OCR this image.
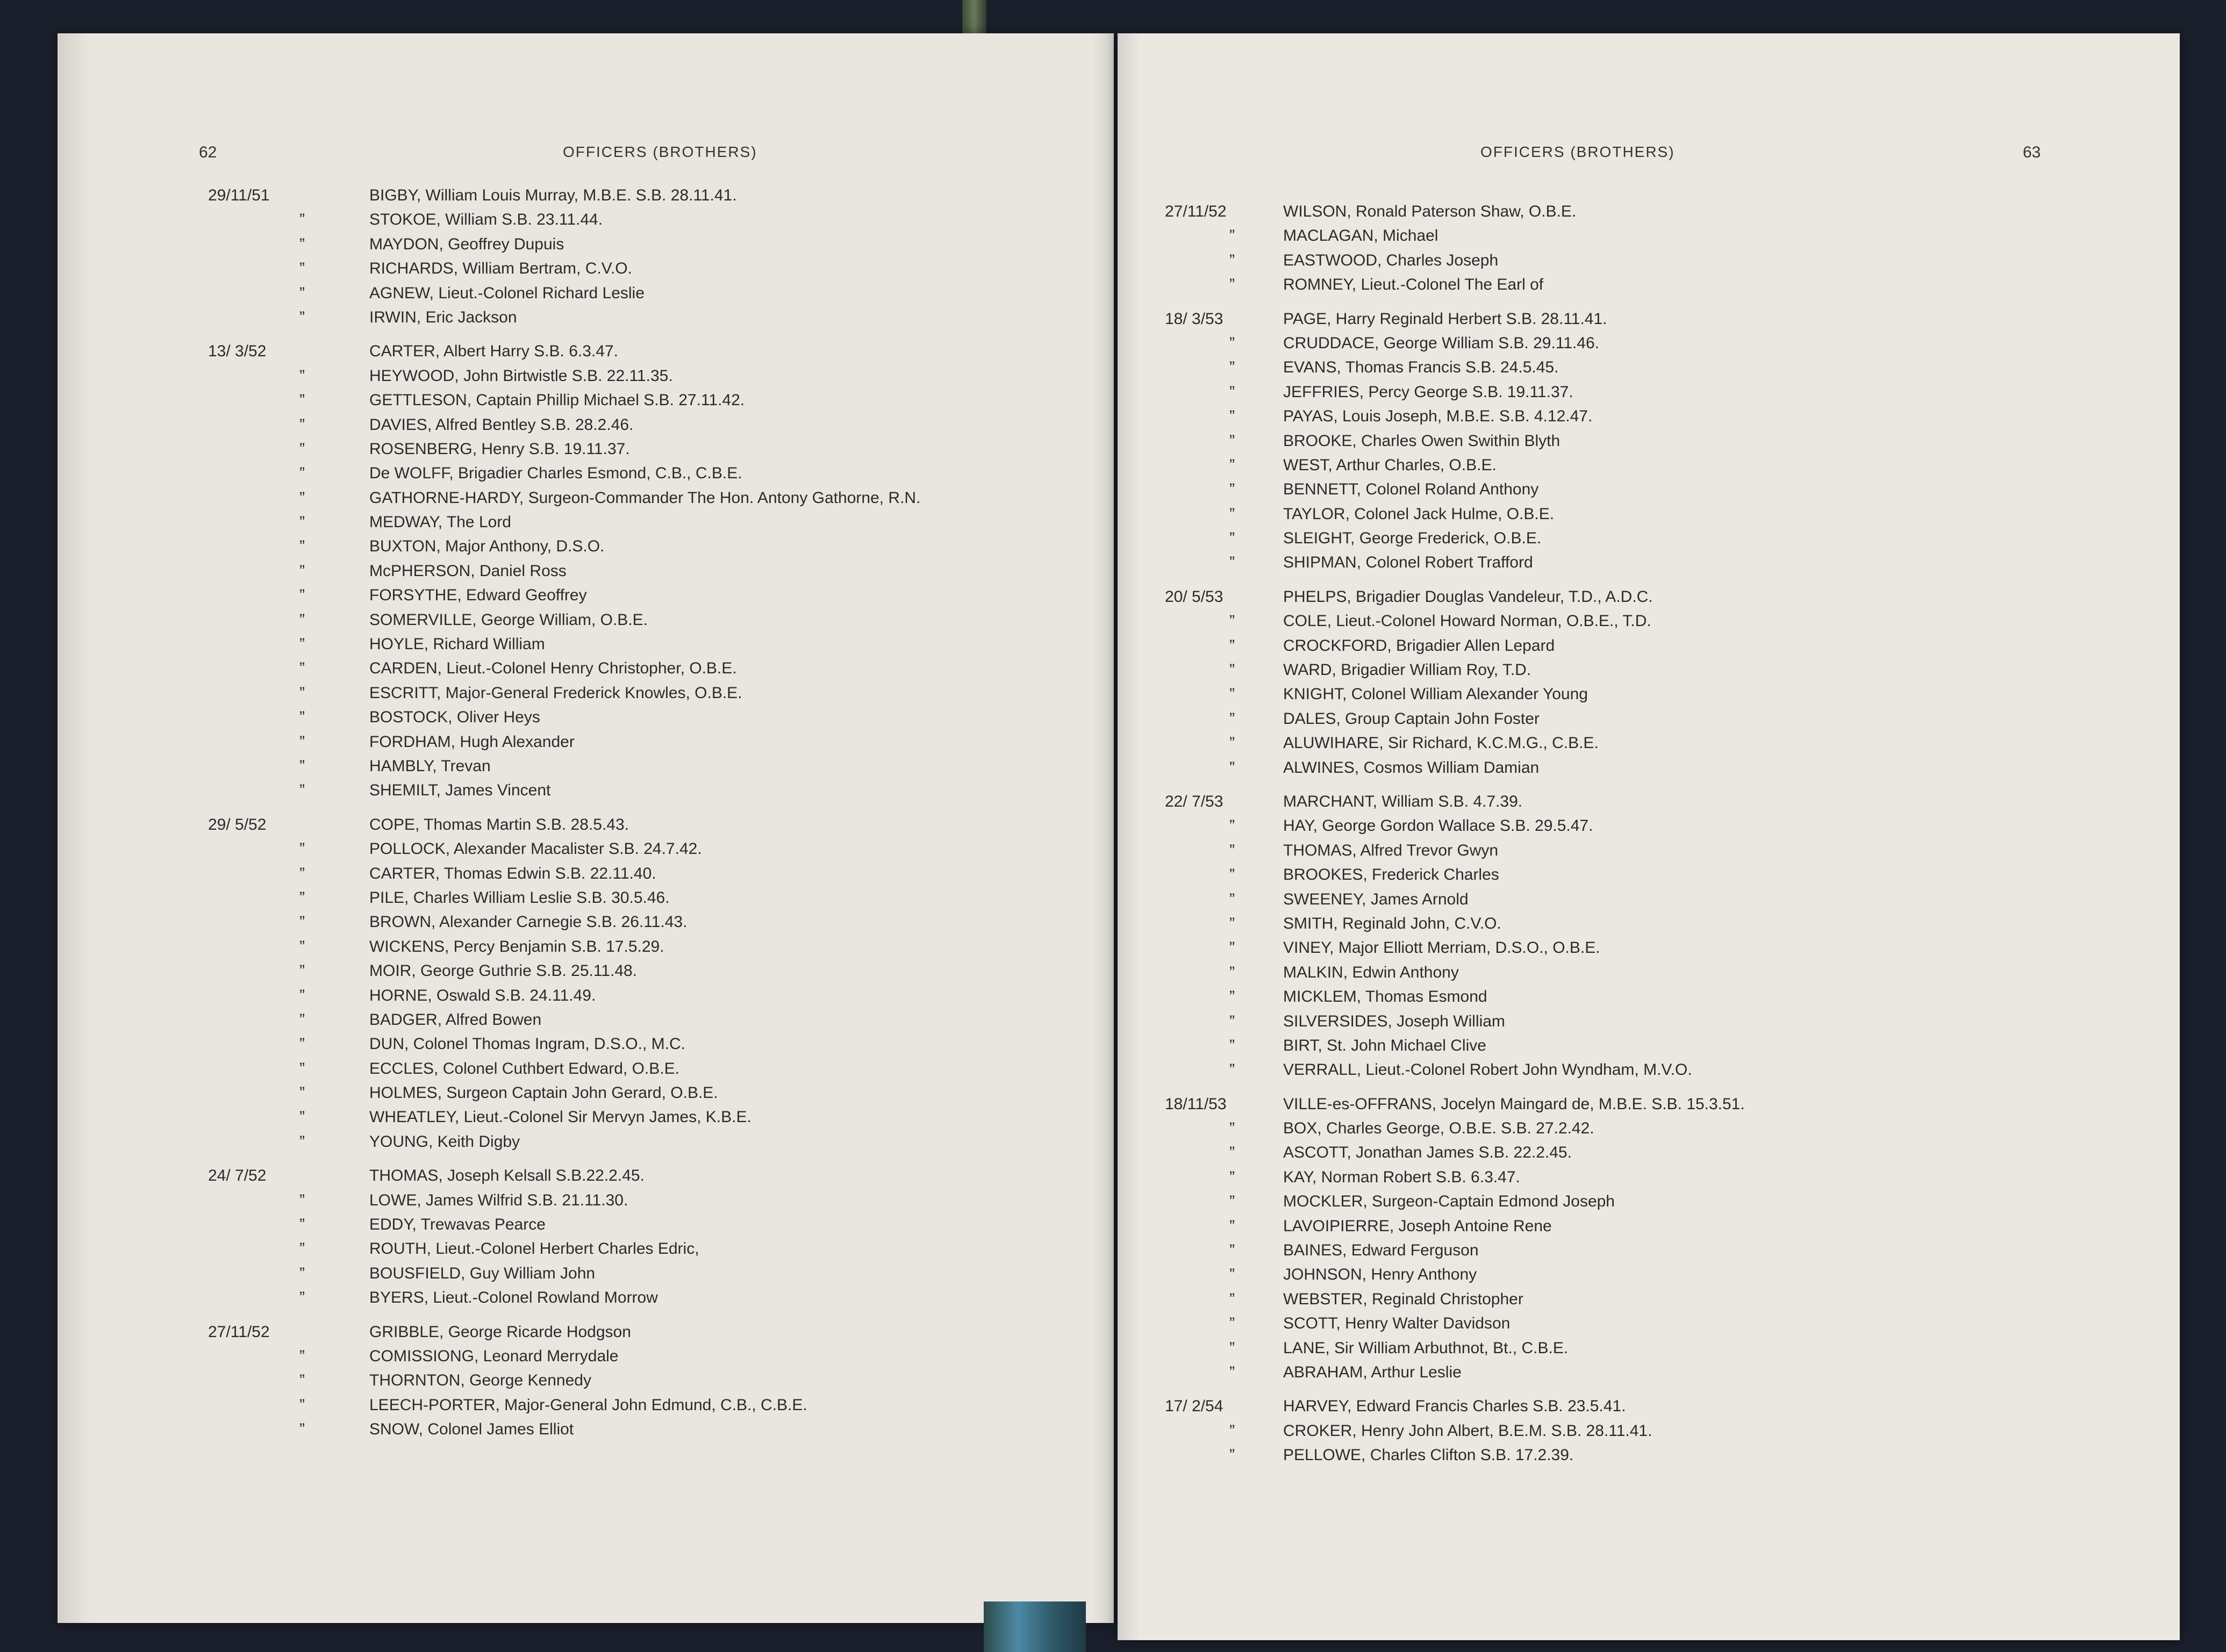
62	OFFICERS (BROTHERS)
29/11/51	BIGBY, William Louis Murray, M.B.E. S.B. 28.11.41.
”	STOKOE, William S.B. 23.11.44.
”	MAYDON, Geoffrey Dupuis
”	RICHARDS, William Bertram, C.V.O.
”	AGNEW, Lieut.-Colonel Richard Leslie
”	IRWIN, Eric Jackson
13/ 3/52	CARTER, Albert Harry S.B. 6.3.47.
”	HEYWOOD, John Birtwistle S.B. 22.11.35.
”	GETTLESON, Captain Phillip Michael S.B. 27.11.42.
”	DAVIES, Alfred Bentley S.B. 28.2.46.
”	ROSENBERG, Henry S.B. 19.11.37.
”	De WOLFF, Brigadier Charles Esmond, C.B., C.B.E.
”	GATHORNE-HARDY, Surgeon-Commander The Hon. Antony Gathorne, R.N.
”	MEDWAY, The Lord
”	BUXTON, Major Anthony, D.S.O.
”	McPHERSON, Daniel Ross
”	FORSYTHE, Edward Geoffrey
”	SOMERVILLE, George William, O.B.E.
”	HOYLE, Richard William
”	CARDEN, Lieut.-Colonel Henry Christopher, O.B.E.
”	ESCRITT, Major-General Frederick Knowles, O.B.E.
”	BOSTOCK, Oliver Heys
”	FORDHAM, Hugh Alexander
”	HAMBLY, Trevan
”	SHEMILT, James Vincent
29/ 5/52	COPE, Thomas Martin S.B. 28.5.43.
”	POLLOCK, Alexander Macalister S.B. 24.7.42.
”	CARTER, Thomas Edwin S.B. 22.11.40.
”	PILE, Charles William Leslie S.B. 30.5.46.
”	BROWN, Alexander Carnegie S.B. 26.11.43.
”	WICKENS, Percy Benjamin S.B. 17.5.29.
”	MOIR, George Guthrie S.B. 25.11.48.
”	HORNE, Oswald S.B. 24.11.49.
”	BADGER, Alfred Bowen
”	DUN, Colonel Thomas Ingram, D.S.O., M.C.
”	ECCLES, Colonel Cuthbert Edward, O.B.E.
”	HOLMES, Surgeon Captain John Gerard, O.B.E.
”	WHEATLEY, Lieut.-Colonel Sir Mervyn James, K.B.E.
”	YOUNG, Keith Digby
24/ 7/52	THOMAS, Joseph Kelsall S.B.22.2.45.
”	LOWE, James Wilfrid S.B. 21.11.30.
”	EDDY, Trewavas Pearce
”	ROUTH, Lieut.-Colonel Herbert Charles Edric,
”	BOUSFIELD, Guy William John
”	BYERS, Lieut.-Colonel Rowland Morrow
27/11/52	GRIBBLE, George Ricarde Hodgson
”	COMISSIONG, Leonard Merrydale
”	THORNTON, George Kennedy
”	LEECH-PORTER, Major-General John Edmund, C.B., C.B.E.
”	SNOW, Colonel James Elliot
OFFICERS (BROTHERS)	63
27/11/52	WILSON, Ronald Paterson Shaw, O.B.E.
”	MACLAGAN, Michael
”	EASTWOOD, Charles Joseph
”	ROMNEY, Lieut.-Colonel The Earl of
18/ 3/53	PAGE, Harry Reginald Herbert S.B. 28.11.41.
”	CRUDDACE, George William S.B. 29.11.46.
”	EVANS, Thomas Francis S.B. 24.5.45.
”	JEFFRIES, Percy George S.B. 19.11.37.
”	PAYAS, Louis Joseph, M.B.E. S.B. 4.12.47.
”	BROOKE, Charles Owen Swithin Blyth
”	WEST, Arthur Charles, O.B.E.
”	BENNETT, Colonel Roland Anthony
”	TAYLOR, Colonel Jack Hulme, O.B.E.
”	SLEIGHT, George Frederick, O.B.E.
”	SHIPMAN, Colonel Robert Trafford
20/ 5/53	PHELPS, Brigadier Douglas Vandeleur, T.D., A.D.C.
”	COLE, Lieut.-Colonel Howard Norman, O.B.E., T.D.
”	CROCKFORD, Brigadier Allen Lepard
”	WARD, Brigadier William Roy, T.D.
”	KNIGHT, Colonel William Alexander Young
”	DALES, Group Captain John Foster
”	ALUWIHARE, Sir Richard, K.C.M.G., C.B.E.
”	ALWINES, Cosmos William Damian
22/ 7/53	MARCHANT, William S.B. 4.7.39.
”	HAY, George Gordon Wallace S.B. 29.5.47.
”	THOMAS, Alfred Trevor Gwyn
”	BROOKES, Frederick Charles
”	SWEENEY, James Arnold
”	SMITH, Reginald John, C.V.O.
”	VINEY, Major Elliott Merriam, D.S.O., O.B.E.
”	MALKIN, Edwin Anthony
”	MICKLEM, Thomas Esmond
”	SILVERSIDES, Joseph William
”	BIRT, St. John Michael Clive
”	VERRALL, Lieut.-Colonel Robert John Wyndham, M.V.O.
18/11/53	VILLE-es-OFFRANS, Jocelyn Maingard de, M.B.E. S.B. 15.3.51.
”	BOX, Charles George, O.B.E. S.B. 27.2.42.
”	ASCOTT, Jonathan James S.B. 22.2.45.
”	KAY, Norman Robert S.B. 6.3.47.
”	MOCKLER, Surgeon-Captain Edmond Joseph
”	LAVOIPIERRE, Joseph Antoine Rene
”	BAINES, Edward Ferguson
”	JOHNSON, Henry Anthony
”	WEBSTER, Reginald Christopher
”	SCOTT, Henry Walter Davidson
”	LANE, Sir William Arbuthnot, Bt., C.B.E.
”	ABRAHAM, Arthur Leslie
17/ 2/54	HARVEY, Edward Francis Charles S.B. 23.5.41.
”	CROKER, Henry John Albert, B.E.M. S.B. 28.11.41.
”	PELLOWE, Charles Clifton S.B. 17.2.39.
